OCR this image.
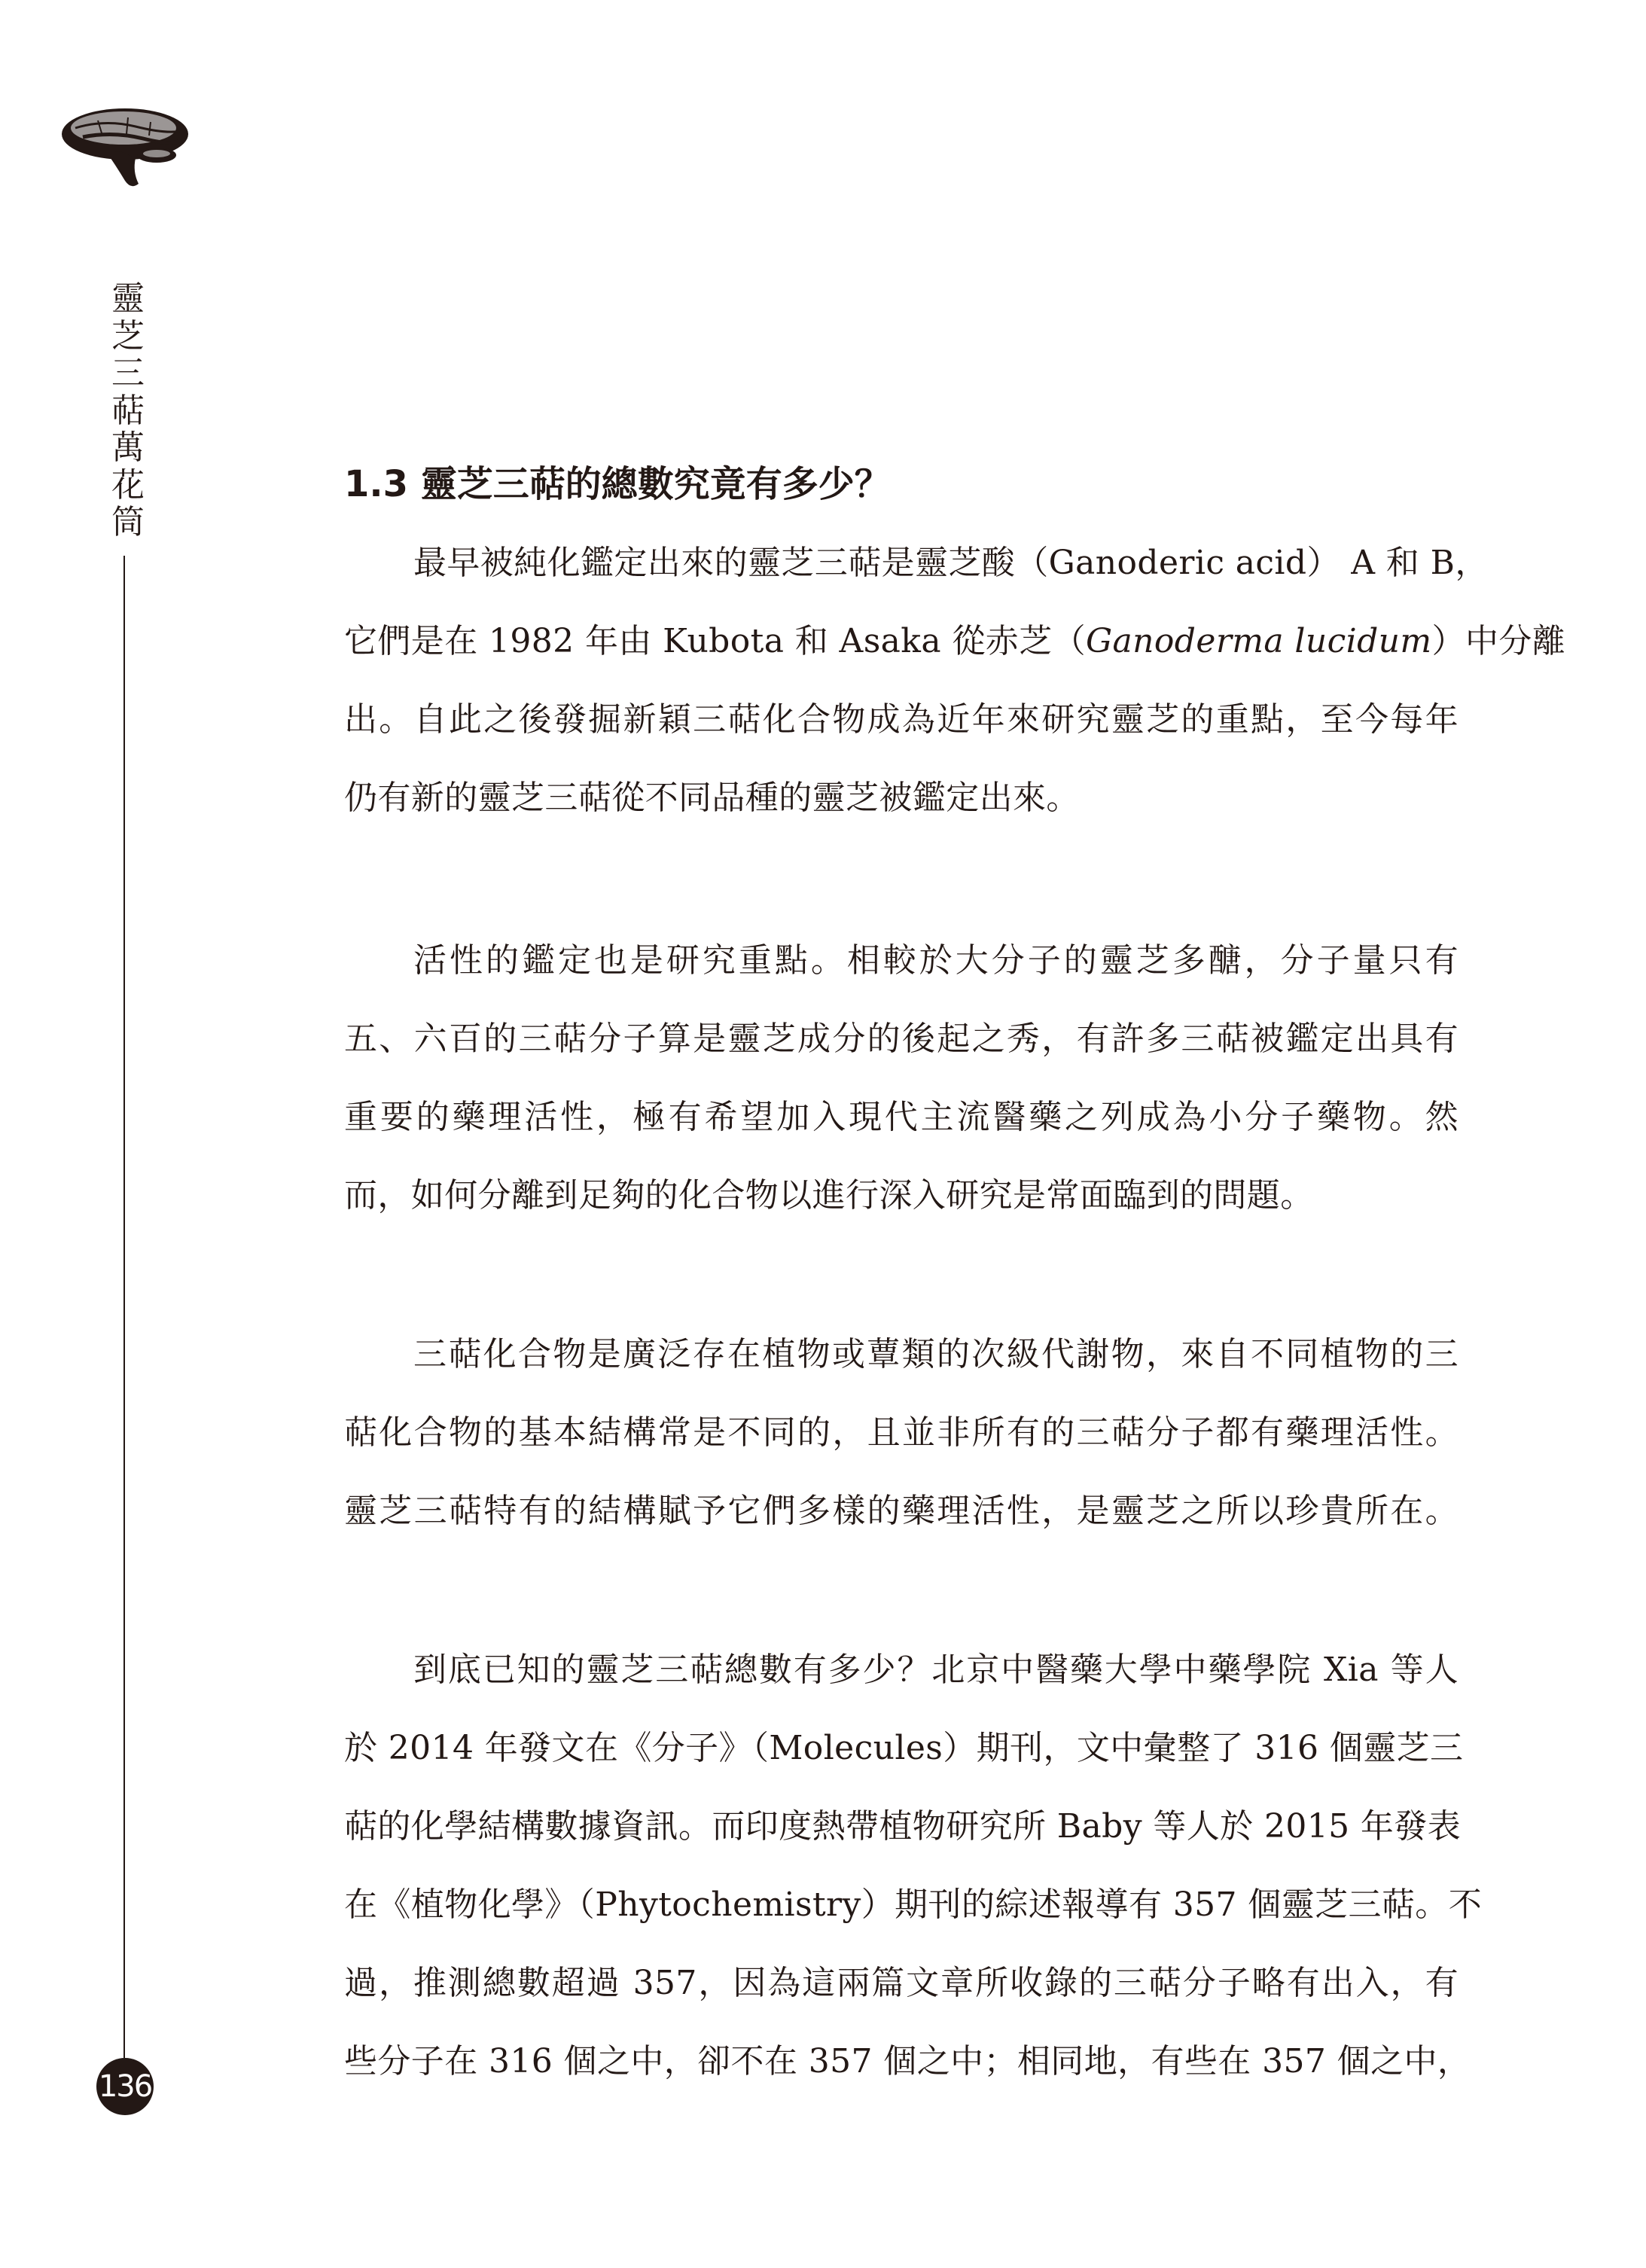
靈
芝
三
萜
萬
花
筒
136
1.3 靈芝三萜的總數究竟有多少？
最早被純化鑑定出來的靈芝三萜是靈芝酸（Ganoderic acid） A 和 B，
它們是在 1982 年由 Kubota 和 Asaka 從赤芝（Ganoderma lucidum）中分離
出。自此之後發掘新穎三萜化合物成為近年來研究靈芝的重點，至今每年
仍有新的靈芝三萜從不同品種的靈芝被鑑定出來。
活性的鑑定也是研究重點。相較於大分子的靈芝多醣，分子量只有
五、六百的三萜分子算是靈芝成分的後起之秀，有許多三萜被鑑定出具有
重要的藥理活性，極有希望加入現代主流醫藥之列成為小分子藥物。然
而，如何分離到足夠的化合物以進行深入研究是常面臨到的問題。
三萜化合物是廣泛存在植物或蕈類的次級代謝物，來自不同植物的三
萜化合物的基本結構常是不同的，且並非所有的三萜分子都有藥理活性。
靈芝三萜特有的結構賦予它們多樣的藥理活性，是靈芝之所以珍貴所在。
到底已知的靈芝三萜總數有多少？北京中醫藥大學中藥學院 Xia 等人
於 2014 年發文在《分子》（Molecules）期刊，文中彙整了 316 個靈芝三
萜的化學結構數據資訊。而印度熱帶植物研究所 Baby 等人於 2015 年發表
在《植物化學》（Phytochemistry）期刊的綜述報導有 357 個靈芝三萜。不
過，推測總數超過 357，因為這兩篇文章所收錄的三萜分子略有出入，有
些分子在 316 個之中，卻不在 357 個之中；相同地，有些在 357 個之中，
